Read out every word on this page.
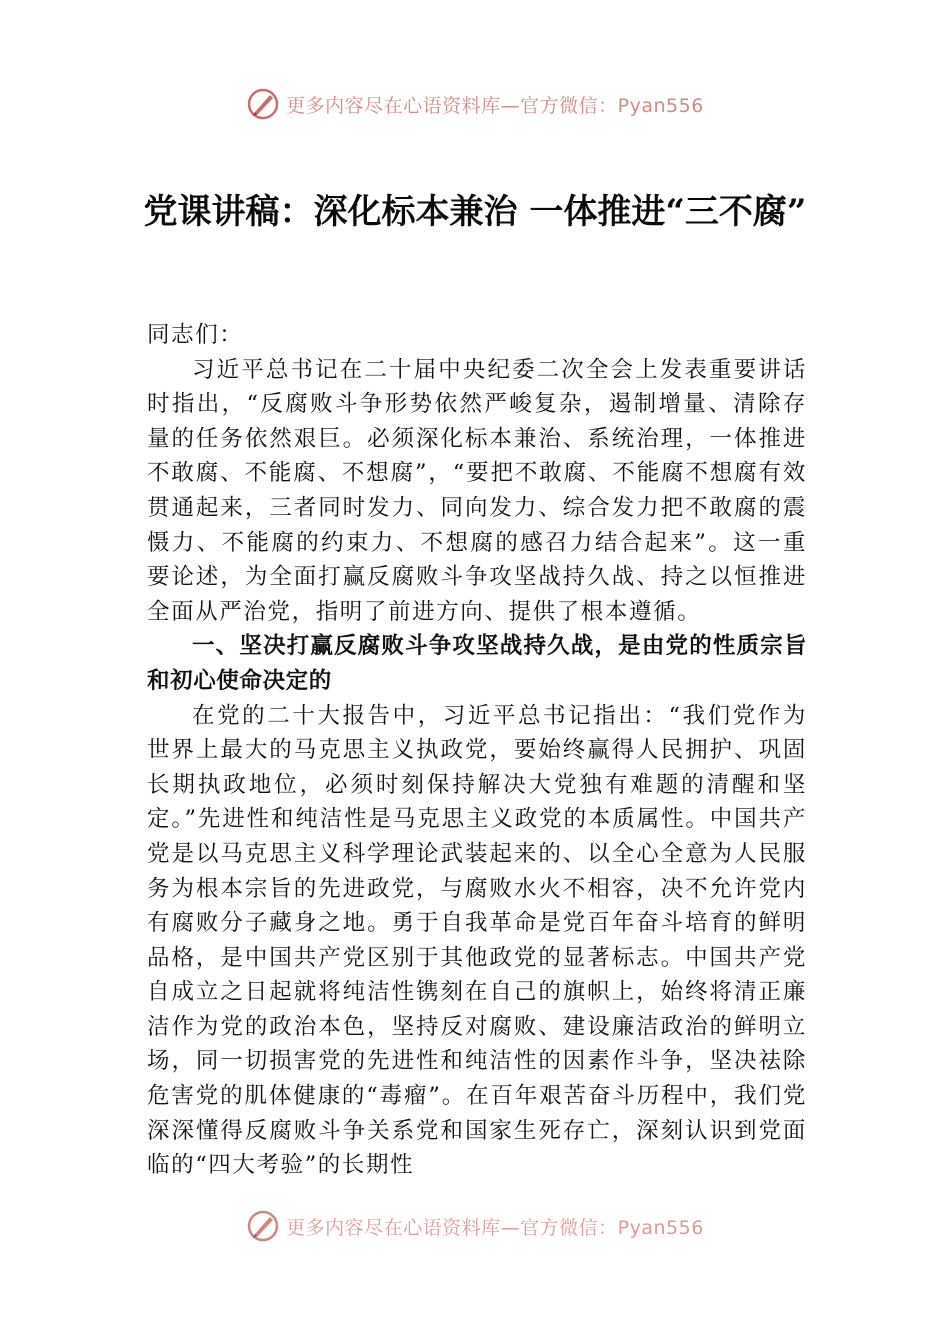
更多内容尽在心语资料库—官方微信：Pyan556
党课讲稿：深化标本兼治 一体推进“三不腐”

同志们：

习近平总书记在二十届中央纪委二次全会上发表重要讲话时指出，“反腐败斗争形势依然严峻复杂，遏制增量、清除存量的任务依然艰巨。必须深化标本兼治、系统治理，一体推进不敢腐、不能腐、不想腐”，“要把不敢腐、不能腐不想腐有效贯通起来，三者同时发力、同向发力、综合发力把不敢腐的震慑力、不能腐的约束力、不想腐的感召力结合起来”。这一重要论述，为全面打赢反腐败斗争攻坚战持久战、持之以恒推进全面从严治党，指明了前进方向、提供了根本遵循。

一、坚决打赢反腐败斗争攻坚战持久战，是由党的性质宗旨和初心使命决定的

在党的二十大报告中，习近平总书记指出：“我们党作为世界上最大的马克思主义执政党，要始终赢得人民拥护、巩固长期执政地位，必须时刻保持解决大党独有难题的清醒和坚定。”先进性和纯洁性是马克思主义政党的本质属性。中国共产党是以马克思主义科学理论武装起来的、以全心全意为人民服务为根本宗旨的先进政党，与腐败水火不相容，决不允许党内有腐败分子藏身之地。勇于自我革命是党百年奋斗培育的鲜明品格，是中国共产党区别于其他政党的显著标志。中国共产党自成立之日起就将纯洁性镌刻在自己的旗帜上，始终将清正廉洁作为党的政治本色，坚持反对腐败、建设廉洁政治的鲜明立场，同一切损害党的先进性和纯洁性的因素作斗争，坚决祛除危害党的肌体健康的“毒瘤”。在百年艰苦奋斗历程中，我们党深深懂得反腐败斗争关系党和国家生死存亡，深刻认识到党面临的“四大考验”的长期性

更多内容尽在心语资料库—官方微信：Pyan556
